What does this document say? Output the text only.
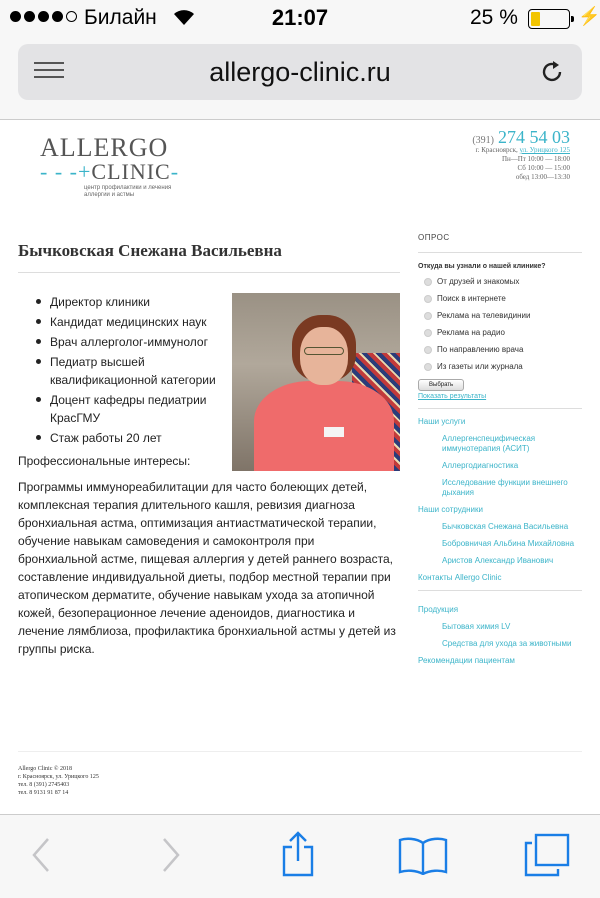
Билайн	21:07	25 %	⚡
allergo-clinic.ru
ALLERGO
- - -+CLINIC-
центр профилактики и лечения аллергии и астмы
(391) 274 54 03
г. Красноярск, ул. Урицкого 125
Пн—Пт 10:00 — 18:00
Сб 10:00 — 15:00
обед 13:00—13:30
Бычковская Снежана Васильевна
Директор клиники
Кандидат медицинских наук
Врач аллерголог-иммунолог
Педиатр высшей квалификационной категории
Доцент кафедры педиатрии КрасГМУ
Стаж работы 20 лет
Профессиональные интересы:
Программы иммунореабилитации для часто болеющих детей, комплексная терапия длительного кашля, ревизия диагноза бронхиальная астма, оптимизация антиастматической терапии, обучение навыкам самоведения и самоконтроля при бронхиальной астме, пищевая аллергия у детей раннего возраста, составление индивидуальной диеты, подбор местной терапии при атопическом дерматите, обучение навыкам ухода за атопичной кожей, безоперационное лечение аденоидов, диагностика и лечение лямблиоза, профилактика бронхиальной астмы у детей из группы риска.
ОПРОС
Откуда вы узнали о нашей клинике?
От друзей и знакомых
Поиск в интернете
Реклама на телевидинии
Реклама на радио
По направлению врача
Из газеты или журнала
Выбрать
Показать результаты
Наши услуги
Аллергенспецифическая иммунотерапия (АСИТ)
Аллергодиагностика
Исследование функции внешнего дыхания
Наши сотрудники
Бычковская Снежана Васильевна
Бобровничая Альбина Михайловна
Аристов Александр Иванович
Контакты Allergo Clinic
Продукция
Бытовая химия LV
Средства для ухода за животными
Рекомендации пациентам
Allergo Clinic © 2018
г. Красноярск, ул. Урицкого 125
тел. 8 (391) 2745403
тел. 8 9131 91 87 14
